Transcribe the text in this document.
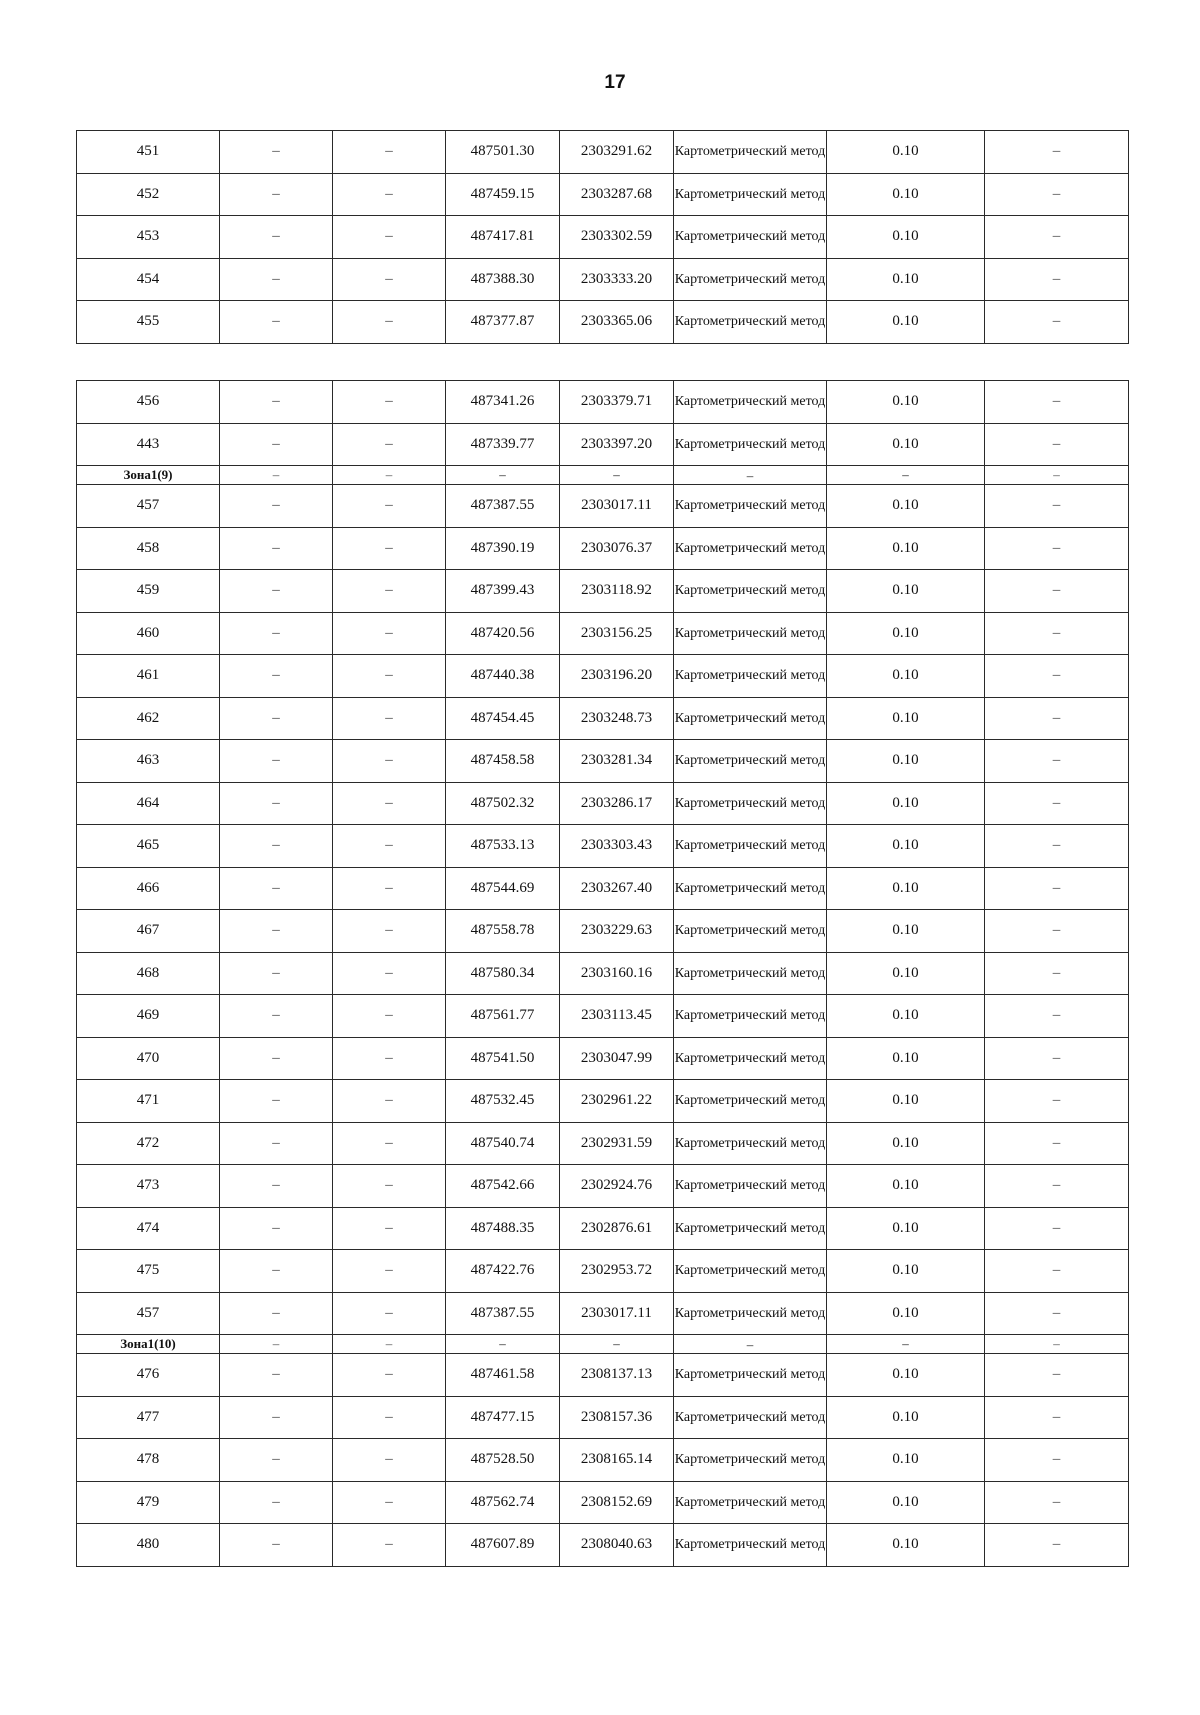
17
451	–	–	487501.30	2303291.62	Картометрический метод	0.10	–
452	–	–	487459.15	2303287.68	Картометрический метод	0.10	–
453	–	–	487417.81	2303302.59	Картометрический метод	0.10	–
454	–	–	487388.30	2303333.20	Картометрический метод	0.10	–
455	–	–	487377.87	2303365.06	Картометрический метод	0.10	–
456	–	–	487341.26	2303379.71	Картометрический метод	0.10	–
443	–	–	487339.77	2303397.20	Картометрический метод	0.10	–
Зона1(9)	–	–	–	–	–	–	–
457	–	–	487387.55	2303017.11	Картометрический метод	0.10	–
458	–	–	487390.19	2303076.37	Картометрический метод	0.10	–
459	–	–	487399.43	2303118.92	Картометрический метод	0.10	–
460	–	–	487420.56	2303156.25	Картометрический метод	0.10	–
461	–	–	487440.38	2303196.20	Картометрический метод	0.10	–
462	–	–	487454.45	2303248.73	Картометрический метод	0.10	–
463	–	–	487458.58	2303281.34	Картометрический метод	0.10	–
464	–	–	487502.32	2303286.17	Картометрический метод	0.10	–
465	–	–	487533.13	2303303.43	Картометрический метод	0.10	–
466	–	–	487544.69	2303267.40	Картометрический метод	0.10	–
467	–	–	487558.78	2303229.63	Картометрический метод	0.10	–
468	–	–	487580.34	2303160.16	Картометрический метод	0.10	–
469	–	–	487561.77	2303113.45	Картометрический метод	0.10	–
470	–	–	487541.50	2303047.99	Картометрический метод	0.10	–
471	–	–	487532.45	2302961.22	Картометрический метод	0.10	–
472	–	–	487540.74	2302931.59	Картометрический метод	0.10	–
473	–	–	487542.66	2302924.76	Картометрический метод	0.10	–
474	–	–	487488.35	2302876.61	Картометрический метод	0.10	–
475	–	–	487422.76	2302953.72	Картометрический метод	0.10	–
457	–	–	487387.55	2303017.11	Картометрический метод	0.10	–
Зона1(10)	–	–	–	–	–	–	–
476	–	–	487461.58	2308137.13	Картометрический метод	0.10	–
477	–	–	487477.15	2308157.36	Картометрический метод	0.10	–
478	–	–	487528.50	2308165.14	Картометрический метод	0.10	–
479	–	–	487562.74	2308152.69	Картометрический метод	0.10	–
480	–	–	487607.89	2308040.63	Картометрический метод	0.10	–
